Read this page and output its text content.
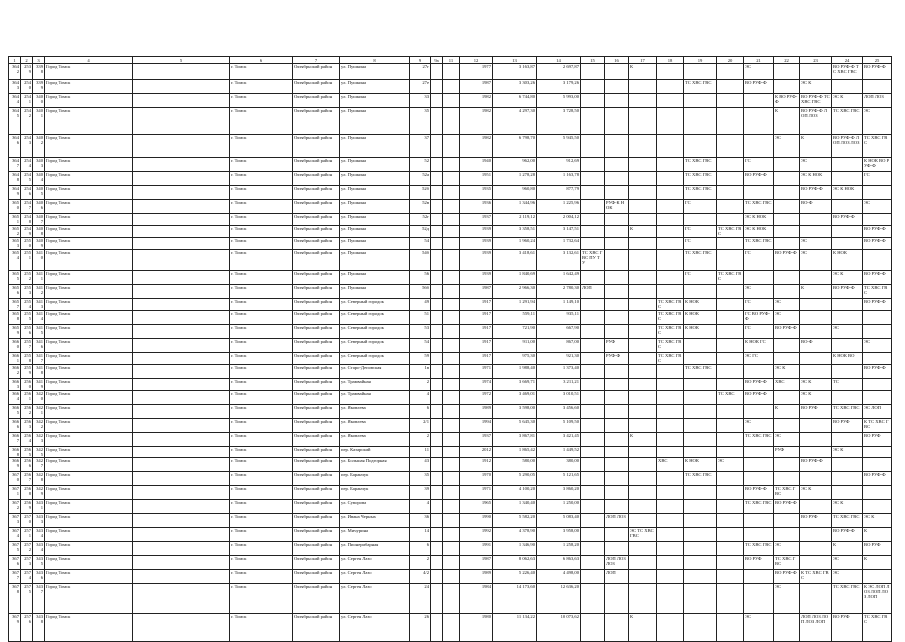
1	2	3	4	5	6	7	8	9	9а	11	12	13	14	15	16	17	18	19	20	21	22	23	24	25
3642	2539	3398	Город Томск		г. Томск	Октябрьский район	ул. Пушкина	27г			1977	3 163,87	2 697,87			К				ЭС			ВО РУФ-Ф ТС ХВС ГВС	ВО РУФ-Ф
3643	2540	3399	Город Томск		г. Томск	Октябрьский район	ул. Пушкина	27е			1987	3 303,26	3 179,26					ТС ХВС ГВС		ВО РУФ-Ф		ЭС К		
3644	2541	3400	Город Томск		г. Томск	Октябрьский район	ул. Пушкина	33			1982	6 744,80	5 993,00								К ВО РУФ-Ф	ВО РУФ-Ф ТС ХВС ГВС	ЭС К	ЛОП ЛОЗ
3645	2542	3401	Город Томск		г. Томск	Октябрьский район	ул. Пушкина	35			1982	4 297,30	3 728,50								К	ВО РУФ-Ф ЛОП ЛОЗ	ТС ХВС ГВС	ЭС
3646	2543	3402	Город Томск		г. Томск	Октябрьский район	ул. Пушкина	37			1982	6 798,70	5 945,50								ЭС	К	ВО РУФ-Ф ЛОП ЛОЗ ЛОЗ	ТС ХВС ГВС
3647	2544	3403	Город Томск		г. Томск	Октябрьский район	ул. Пушкина	52			1940	962,00	912,69					ТС ХВС ГВС		ГС		ЭС		К НОК ВО РУФ-Ф
3648	2545	3404	Город Томск		г. Томск	Октябрьский район	ул. Пушкина	52а			1951	1 278,28	1 163,78					ТС ХВС ГВС		ВО РУФ-Ф		ЭС К НОК		ГС
3649	2546	3405	Город Томск		г. Томск	Октябрьский район	ул. Пушкина	52б			1935	960,80	877,79					ТС ХВС ГВС				ВО РУФ-Ф	ЭС К НОК	
3650	2547	3406	Город Томск		г. Томск	Октябрьский район	ул. Пушкина	52в			1936	1 344,96	1 225,96		РУФ-К НОК			ГС		ТС ХВС ГВС		ВО-Ф		ЭС
3651	2548	3407	Город Томск		г. Томск	Октябрьский район	ул. Пушкина	52г			1937	2 119,12	2 004,12							ЭС К НОК			ВО РУФ-Ф	
3652	2549	3408	Город Томск		г. Томск	Октябрьский район	ул. Пушкина	52д			1939	3 358,51	3 147,51			К		ГС	ТС ХВС ГВС	ЭС К НОК				ВО РУФ-Ф
3653	2550	3409	Город Томск		г. Томск	Октябрьский район	ул. Пушкина	54			1939	1 960,24	1 732,64					ГС		ТС ХВС ГВС		ЭС		ВО РУФ-Ф
3654	2551	3410	Город Томск		г. Томск	Октябрьский район	ул. Пушкина	54б			1939	3 418,61	3 132,61	ТС ХВС ГВС ПУ ТУ				ТС ХВС ГВС		ГС	ВО РУФ-Ф	ЭС	К НОК	
3655	2552	3411	Город Томск		г. Томск	Октябрьский район	ул. Пушкина	56			1939	1 840,69	1 642,49					ГС	ТС ХВС ГВС				ЭС К	ВО РУФ-Ф
3656	2553	3412	Город Томск		г. Томск	Октябрьский район	ул. Пушкина	56б			1987	2 966,30	2 780,30	ЛОП						ЭС		К	ВО РУФ-Ф	ТС ХВС ГВС
3657	2554	3413	Город Томск		г. Томск	Октябрьский район	ул. Северный городок	49			1917	1 291,94	1 149,10				ТС ХВС ГВС	К НОК		ГС	ЭС			ВО РУФ-Ф
3658	2555	3414	Город Томск		г. Томск	Октябрьский район	ул. Северный городок	51			1917	559,11	935,11				ТС ХВС ГВС	К НОК		ГС ВО РУФ-Ф	ЭС			
3659	2556	3415	Город Томск		г. Томск	Октябрьский район	ул. Северный городок	53			1917	721,90	667,90				ТС ХВС ГВС	К НОК		ГС	ВО РУФ-Ф		ЭС	
3660	2557	3416	Город Томск		г. Томск	Октябрьский район	ул. Северный городок	54			1917	911,00	867,00		РУФ		ТС ХВС ГВС			К НОК ГС		ВО-Ф		ЭС
3661	2558	3417	Город Томск		г. Томск	Октябрьский район	ул. Северный городок	59			1917	975,30	921,30		РУФ-Ф		ТС ХВС ГВС			ЭС ГС			К НОК ВО	
3662	2559	3418	Город Томск		г. Томск	Октябрьский район	ул. Старо-Деповская	1в			1971	1 988,40	1 373,40					ТС ХВС ГВС			ЭС К			ВО РУФ-Ф
3663	2560	3419	Город Томск		г. Томск	Октябрьский район	ул. Трамвайная	2			1974	3 669,71	3 211,21							ВО РУФ-Ф	ХВС	ЭС К	ТС	
3664	2561	3420	Город Томск		г. Томск	Октябрьский район	ул. Трамвайная	4			1972	3 469,01	3 010,51						ТС ХВС	ВО РУФ-Ф		ЭС К		
3665	2562	3421	Город Томск		г. Томск	Октябрьский район	ул. Яковлева	6			1989	3 598,00	3 456,60								К	ВО РУФ	ТС ХВС ГВС	ЭС ЛОП
3666	2563	3422	Город Томск		г. Томск	Октябрьский район	ул. Яковлева	2/1			1994	5 645,30	5 109,50							ЭС			ВО РУФ	К ТС ХВС ГВС
3667	2564	3423	Город Томск		г. Томск	Октябрьский район	ул. Яковлева	2			1937	3 867,81	3 421,45			К				ТС ХВС ГВС	ЭС			ВО РУФ
3668	2565	3425	Город Томск		г. Томск	Октябрьский район	пер. Казарский	11			2012	1 865,42	1 449,52								РУФ		ЭС К	
3669	2566	3427	Город Томск		г. Томск	Октябрьский район	ул. Большая Подгорная	43			1912	580,00	380,00				ХВС	К НОК	ЭС			ВО РУФ-Ф		
3670	2567	3428	Город Томск		г. Томск	Октябрьский район	пер. Баранчук	35			1970	5 290,05	5 121,65					ТС ХВС ГВС						ВО РУФ-Ф
3671	2568	3429	Город Томск		г. Томск	Октябрьский район	пер. Баранчук	39			1971	4 100,20	3 860,20							ВО РУФ-Ф	ТС ХВС ГВС	ЭС К		
3672	2569	3431	Город Томск		г. Томск	Октябрьский район	ул. Суворова	4			1965	1 340,40	1 250,00							ТС ХВС ГВС	ВО РУФ-Ф		ЭС К	
3673	2570	3433	Город Томск		г. Томск	Октябрьский район	ул. Ивана Черных	36			1990	5 582,20	5 083,40		ЛОП ЛОЗ							ВО РУФ	ТС ХВС ГВС	ЭС К
3674	2571	3434	Город Томск		г. Томск	Октябрьский район	ул. Мичурина	14			1992	4 378,90	3 958,00			ЭС ТС ХВС ГВС							ВО РУФ-Ф	К
3675	2572	3434	Город Томск		г. Томск	Октябрьский район	ул. Пионерибарная	6			1991	1 346,90	1 258,20							ТС ХВС ГВС	ЭС		К	ВО РУФ
3676	2573	3435	Город Томск		г. Томск	Октябрьский район	ул. Сергея Лазо	2			1987	8 062,63	6 863,63		ЛОП ЛОЗ ЛОЗ					ВО РУФ	ТС ХВС ГВС		ЭС	К
3677	2574	3436	Город Томск		г. Томск	Октябрьский район	ул. Сергея Лазо	4/2			1989	5 226,40	4 498,00		ЛОП						ВО РУФ-Ф	К ТС ХВС ГВС	ЭС	
3678	2575	3437	Город Томск		г. Томск	Октябрьский район	ул. Сергея Лазо	24			1984	14 173,60	12 636,20								ЭС		ТС ХВС ГВС	К ЭС ЛОП ЛОЗ ЛОП ЛОЗ ЛОП
3679	2576	3438	Город Томск		г. Томск	Октябрьский район	ул. Сергея Лазо	26			1980	11 134,22	10 073,62			К				ЭС		ЛОП ЛОЗ ЛОП ЛОЗ ЛОП	ВО РУФ	ТС ХВС ГВС
